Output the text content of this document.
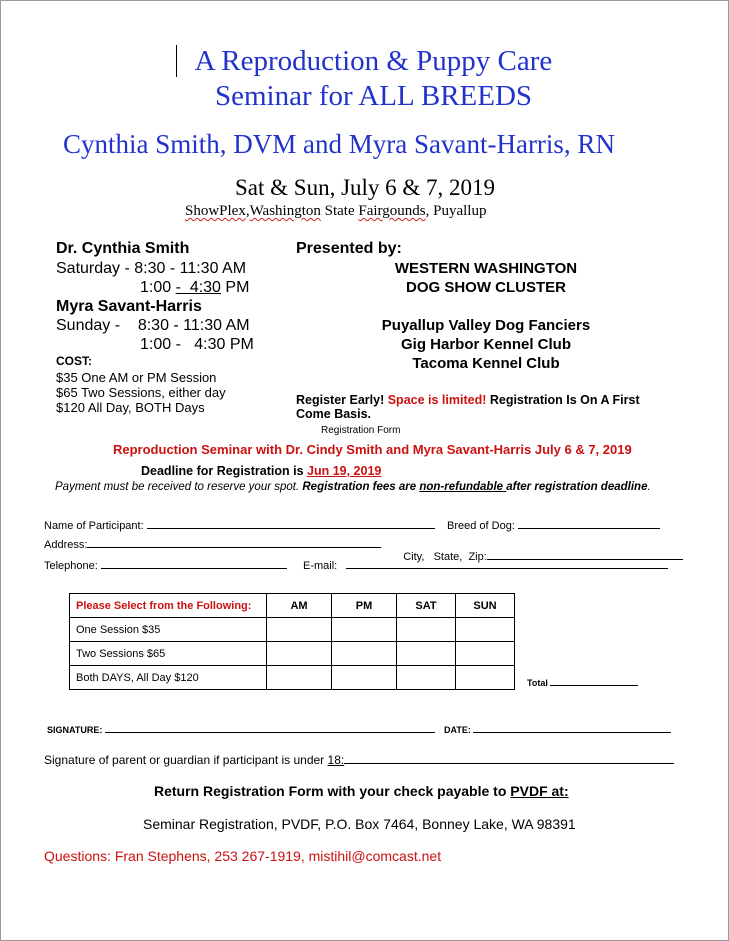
A Reproduction & Puppy Care
Seminar for ALL BREEDS
Cynthia Smith, DVM and Myra Savant-Harris, RN
Sat & Sun, July 6 & 7, 2019
ShowPlex,Washington State Fairgounds, Puyallup
Dr. Cynthia Smith
Saturday - 8:30 - 11:30 AM
1:00 -  4:30 PM
Myra Savant-Harris
Sunday -    8:30 - 11:30 AM
1:00 -   4:30 PM
COST:
$35 One AM or PM Session
$65 Two Sessions, either day
$120 All Day, BOTH Days
Presented by:
WESTERN WASHINGTON
DOG SHOW CLUSTER
Puyallup Valley Dog Fanciers
Gig Harbor Kennel Club
Tacoma Kennel Club
Register Early! Space is limited! Registration Is On A First
Come Basis.
Registration Form
Reproduction Seminar with Dr. Cindy Smith and Myra Savant-Harris July 6 & 7, 2019
Deadline for Registration is Jun 19, 2019
Payment must be received to reserve your spot. Registration fees are non-refundable after registration deadline.
Name of Participant:	Breed of Dog:
Address:

City,   State,  Zip:

Telephone:	E-mail:
Please Select from the Following:	AM	PM	SAT	SUN
One Session $35				
Two Sessions $65				
Both DAYS, All Day $120					Total
SIGNATURE:	DATE:
Signature of parent or guardian if participant is under 18:
Return Registration Form with your check payable to PVDF at:
Seminar Registration, PVDF, P.O. Box 7464, Bonney Lake, WA 98391
Questions: Fran Stephens, 253 267-1919, mistihil@comcast.net
